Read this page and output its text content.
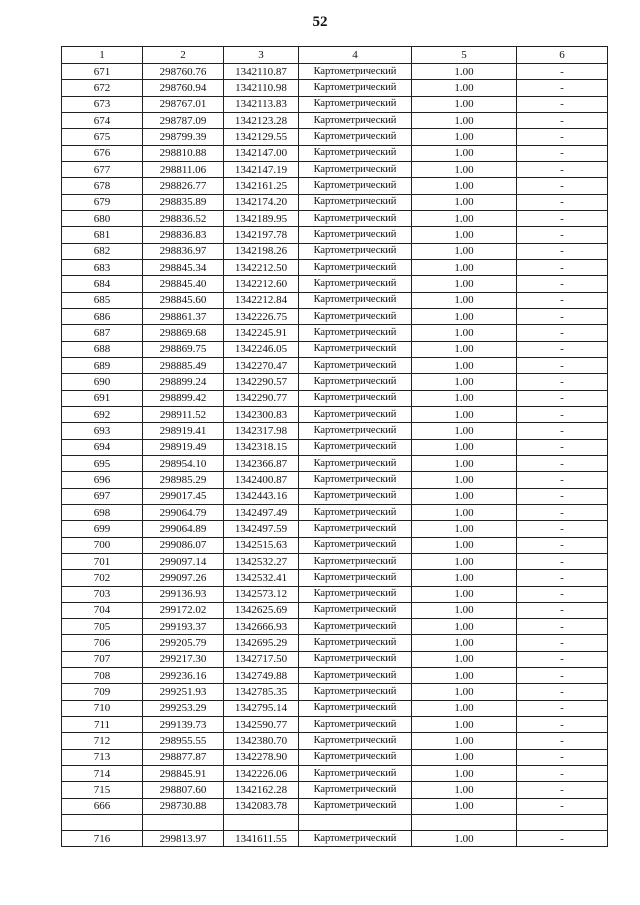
52
1	2	3	4	5	6
671	298760.76	1342110.87	Картометрический	1.00	-
672	298760.94	1342110.98	Картометрический	1.00	-
673	298767.01	1342113.83	Картометрический	1.00	-
674	298787.09	1342123.28	Картометрический	1.00	-
675	298799.39	1342129.55	Картометрический	1.00	-
676	298810.88	1342147.00	Картометрический	1.00	-
677	298811.06	1342147.19	Картометрический	1.00	-
678	298826.77	1342161.25	Картометрический	1.00	-
679	298835.89	1342174.20	Картометрический	1.00	-
680	298836.52	1342189.95	Картометрический	1.00	-
681	298836.83	1342197.78	Картометрический	1.00	-
682	298836.97	1342198.26	Картометрический	1.00	-
683	298845.34	1342212.50	Картометрический	1.00	-
684	298845.40	1342212.60	Картометрический	1.00	-
685	298845.60	1342212.84	Картометрический	1.00	-
686	298861.37	1342226.75	Картометрический	1.00	-
687	298869.68	1342245.91	Картометрический	1.00	-
688	298869.75	1342246.05	Картометрический	1.00	-
689	298885.49	1342270.47	Картометрический	1.00	-
690	298899.24	1342290.57	Картометрический	1.00	-
691	298899.42	1342290.77	Картометрический	1.00	-
692	298911.52	1342300.83	Картометрический	1.00	-
693	298919.41	1342317.98	Картометрический	1.00	-
694	298919.49	1342318.15	Картометрический	1.00	-
695	298954.10	1342366.87	Картометрический	1.00	-
696	298985.29	1342400.87	Картометрический	1.00	-
697	299017.45	1342443.16	Картометрический	1.00	-
698	299064.79	1342497.49	Картометрический	1.00	-
699	299064.89	1342497.59	Картометрический	1.00	-
700	299086.07	1342515.63	Картометрический	1.00	-
701	299097.14	1342532.27	Картометрический	1.00	-
702	299097.26	1342532.41	Картометрический	1.00	-
703	299136.93	1342573.12	Картометрический	1.00	-
704	299172.02	1342625.69	Картометрический	1.00	-
705	299193.37	1342666.93	Картометрический	1.00	-
706	299205.79	1342695.29	Картометрический	1.00	-
707	299217.30	1342717.50	Картометрический	1.00	-
708	299236.16	1342749.88	Картометрический	1.00	-
709	299251.93	1342785.35	Картометрический	1.00	-
710	299253.29	1342795.14	Картометрический	1.00	-
711	299139.73	1342590.77	Картометрический	1.00	-
712	298955.55	1342380.70	Картометрический	1.00	-
713	298877.87	1342278.90	Картометрический	1.00	-
714	298845.91	1342226.06	Картометрический	1.00	-
715	298807.60	1342162.28	Картометрический	1.00	-
666	298730.88	1342083.78	Картометрический	1.00	-

716	299813.97	1341611.55	Картометрический	1.00	-
